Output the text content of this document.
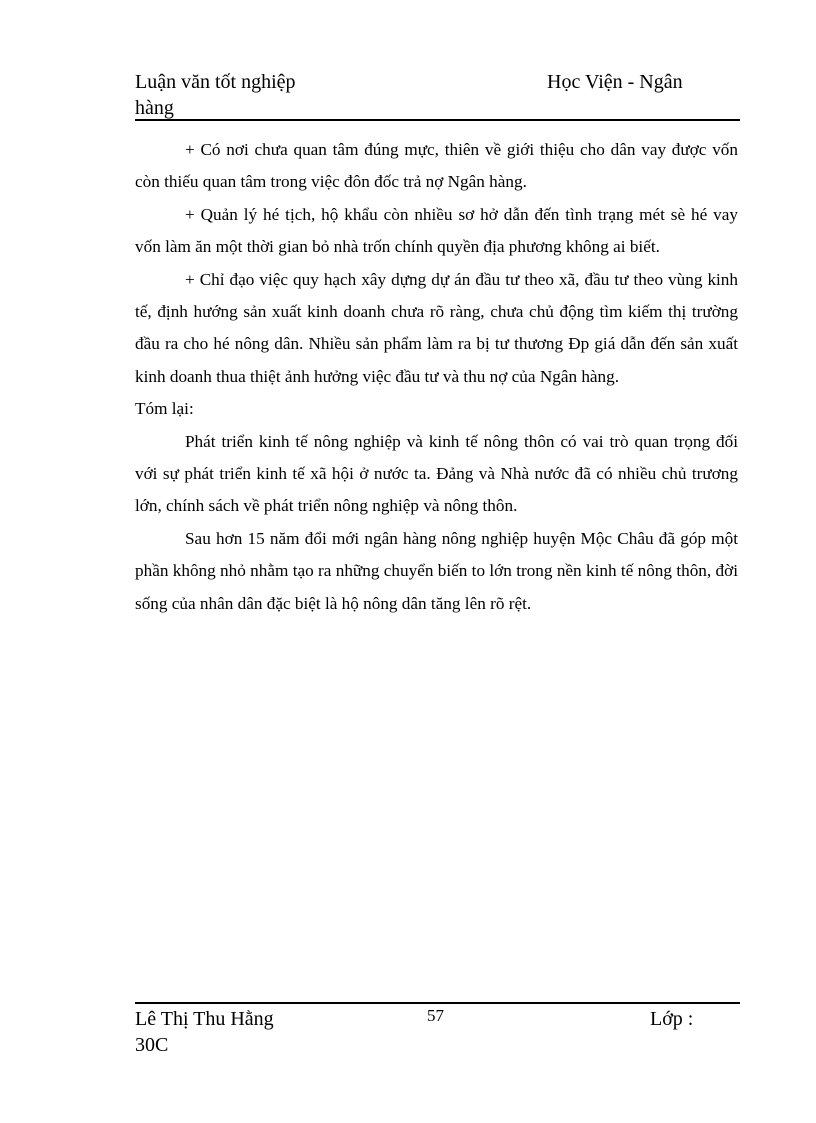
Luận văn tốt nghiệp	Học Viện - Ngân
hàng

+ Có nơi chưa quan tâm đúng mực, thiên về giới thiệu cho dân vay được vốn còn thiếu quan tâm trong việc đôn đốc trả nợ Ngân hàng.

+ Quản lý hé tịch, hộ khẩu còn nhiều sơ hở dẫn đến tình trạng mét sè hé vay vốn làm ăn một thời gian bỏ nhà trốn chính quyền địa phương không ai biết.

+ Chỉ đạo việc quy hạch xây dựng dự án đầu tư theo xã, đầu tư theo vùng kinh tế, định hướng sản xuất kinh doanh chưa rõ ràng, chưa chủ động tìm kiếm thị trường đầu ra cho hé nông dân. Nhiều sản phẩm làm ra bị tư thương Ðp giá dẫn đến sản xuất kinh doanh thua thiệt ảnh hưởng việc đầu tư và thu nợ của Ngân hàng.

Tóm lại:

Phát triển kinh tế nông nghiệp và kinh tế nông thôn có vai trò quan trọng đối với sự phát triển kinh tế xã hội ở nước ta. Đảng và Nhà nước đã có nhiều chủ trương lớn, chính sách về phát triển nông nghiệp và nông thôn.

Sau hơn 15 năm đổi mới ngân hàng nông nghiệp huyện Mộc Châu đã góp một phần không nhỏ nhằm tạo ra những chuyển biến to lớn trong nền kinh tế nông thôn, đời sống của nhân dân đặc biệt là hộ nông dân tăng lên rõ rệt.

Lê Thị Thu Hằng	57	Lớp :
30C
